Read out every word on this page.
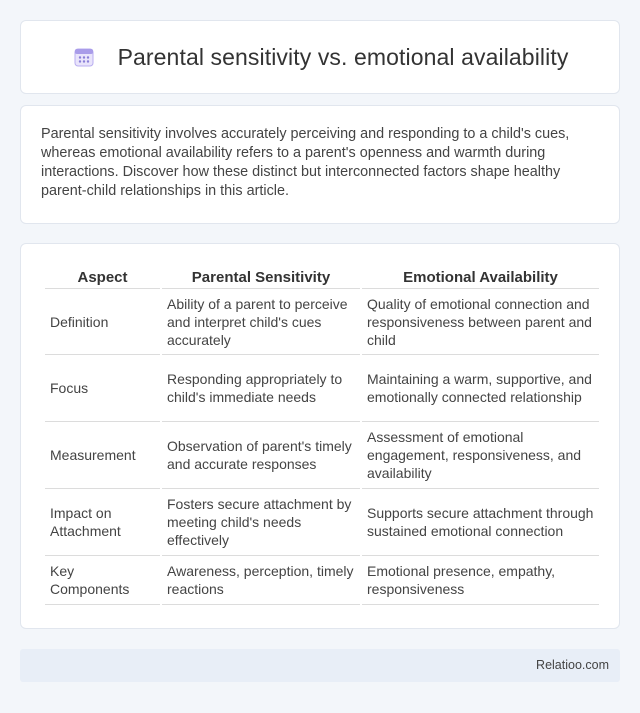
Parental sensitivity vs. emotional availability

Parental sensitivity involves accurately perceiving and responding to a child's cues, whereas emotional availability refers to a parent's openness and warmth during interactions. Discover how these distinct but interconnected factors shape healthy parent-child relationships in this article.

Aspect	Parental Sensitivity	Emotional Availability
Definition	Ability of a parent to perceive and interpret child's cues accurately	Quality of emotional connection and responsiveness between parent and child
Focus	Responding appropriately to child's immediate needs	Maintaining a warm, supportive, and emotionally connected relationship
Measurement	Observation of parent's timely and accurate responses	Assessment of emotional engagement, responsiveness, and availability
Impact on Attachment	Fosters secure attachment by meeting child's needs effectively	Supports secure attachment through sustained emotional connection
Key Components	Awareness, perception, timely reactions	Emotional presence, empathy, responsiveness
Relatioo.com
